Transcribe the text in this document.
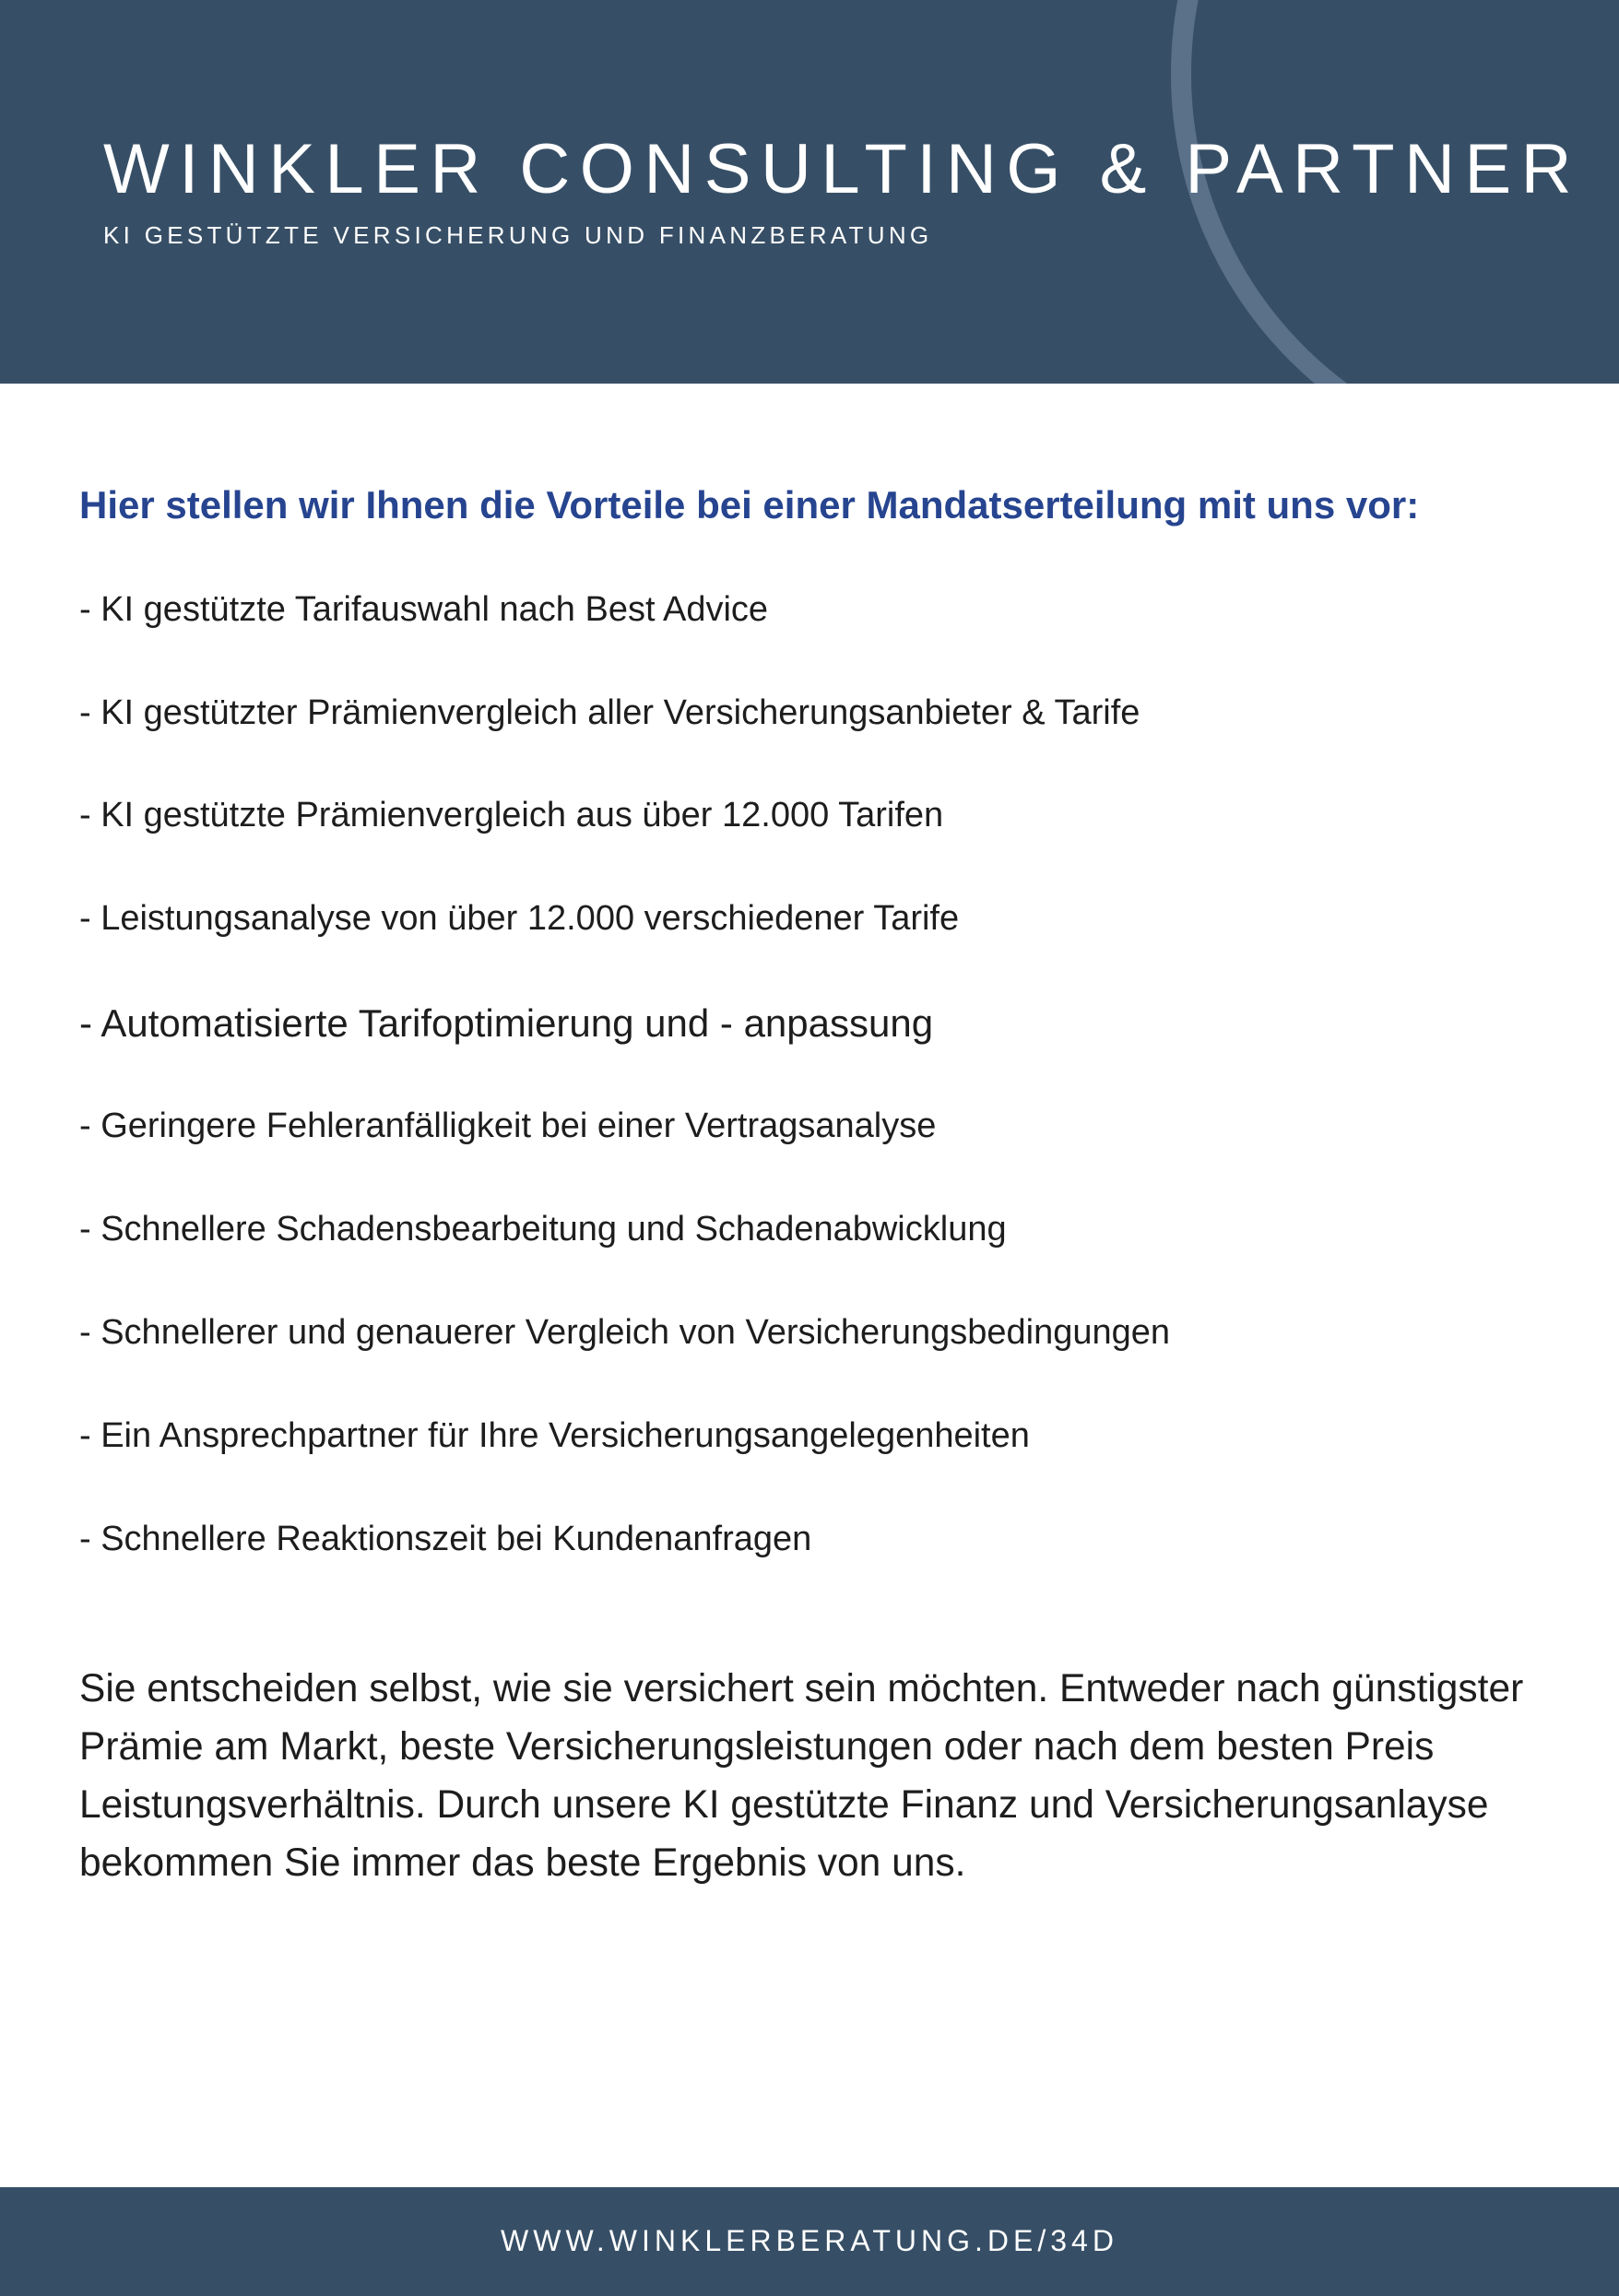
WINKLER CONSULTING & PARTNER
KI GESTÜTZTE VERSICHERUNG UND FINANZBERATUNG
Hier stellen wir Ihnen die Vorteile bei einer Mandatserteilung mit uns vor:
- KI gestützte Tarifauswahl nach Best Advice
- KI gestützter Prämienvergleich aller Versicherungsanbieter & Tarife
- KI gestützte Prämienvergleich aus über 12.000 Tarifen
- Leistungsanalyse von über 12.000 verschiedener Tarife
- Automatisierte Tarifoptimierung und - anpassung
- Geringere Fehleranfälligkeit bei einer Vertragsanalyse
- Schnellere Schadensbearbeitung und Schadenabwicklung
- Schnellerer und genauerer Vergleich von Versicherungsbedingungen
- Ein Ansprechpartner für Ihre Versicherungsangelegenheiten
- Schnellere Reaktionszeit bei Kundenanfragen

Sie entscheiden selbst, wie sie versichert sein möchten. Entweder nach günstigster
Prämie am Markt, beste Versicherungsleistungen oder nach dem besten Preis
Leistungsverhältnis. Durch unsere KI gestützte Finanz und Versicherungsanlayse
bekommen Sie immer das beste Ergebnis von uns.

WWW.WINKLERBERATUNG.DE/34D
